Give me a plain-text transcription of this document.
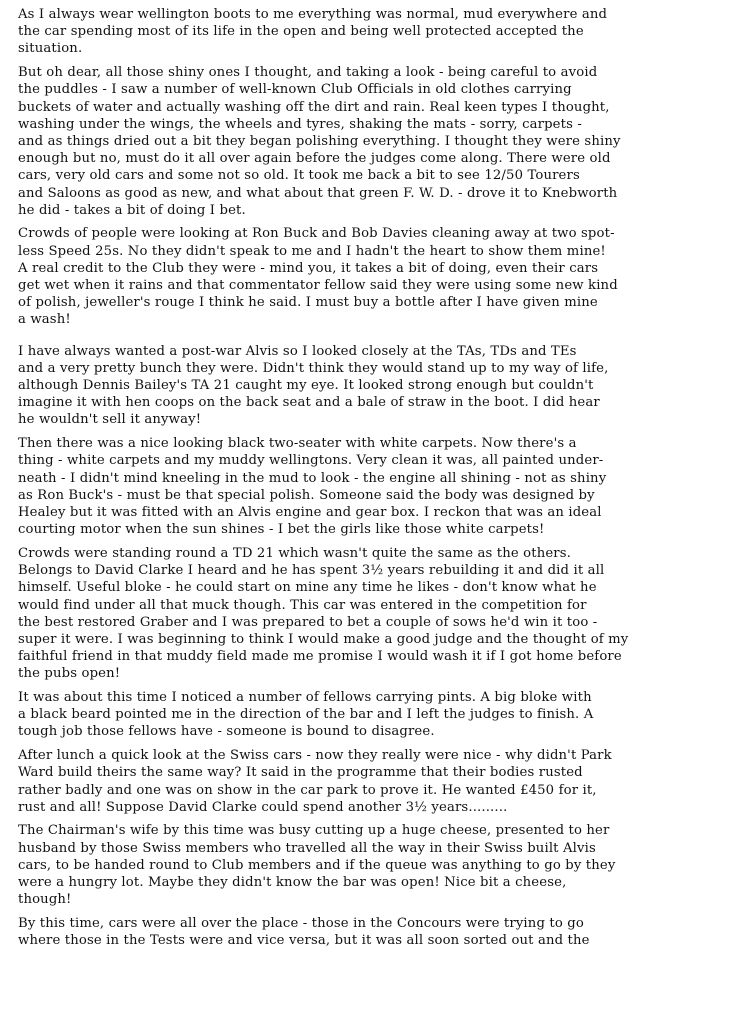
As I always wear wellington boots to me everything was normal, mud everywhere and
the car spending most of its life in the open and being well protected accepted the
situation.

But oh dear, all those shiny ones I thought, and taking a look - being careful to avoid
the puddles - I saw a number of well-known Club Officials in old clothes carrying
buckets of water and actually washing off the dirt and rain. Real keen types I thought,
washing under the wings, the wheels and tyres, shaking the mats - sorry, carpets -
and as things dried out a bit they began polishing everything. I thought they were shiny
enough but no, must do it all over again before the judges come along. There were old
cars, very old cars and some not so old. It took me back a bit to see 12/50 Tourers
and Saloons as good as new, and what about that green F. W. D. - drove it to Knebworth
he did - takes a bit of doing I bet.

Crowds of people were looking at Ron Buck and Bob Davies cleaning away at two spot-
less Speed 25s. No they didn't speak to me and I hadn't the heart to show them mine!
A real credit to the Club they were - mind you, it takes a bit of doing, even their cars
get wet when it rains and that commentator fellow said they were using some new kind
of polish, jeweller's rouge I think he said. I must buy a bottle after I have given mine
a wash!

I have always wanted a post-war Alvis so I looked closely at the TAs, TDs and TEs
and a very pretty bunch they were. Didn't think they would stand up to my way of life,
although Dennis Bailey's TA 21 caught my eye. It looked strong enough but couldn't
imagine it with hen coops on the back seat and a bale of straw in the boot. I did hear
he wouldn't sell it anyway!

Then there was a nice looking black two-seater with white carpets. Now there's a
thing - white carpets and my muddy wellingtons. Very clean it was, all painted under-
neath - I didn't mind kneeling in the mud to look - the engine all shining - not as shiny
as Ron Buck's - must be that special polish. Someone said the body was designed by
Healey but it was fitted with an Alvis engine and gear box. I reckon that was an ideal
courting motor when the sun shines - I bet the girls like those white carpets!

Crowds were standing round a TD 21 which wasn't quite the same as the others.
Belongs to David Clarke I heard and he has spent 3½ years rebuilding it and did it all
himself. Useful bloke - he could start on mine any time he likes - don't know what he
would find under all that muck though. This car was entered in the competition for
the best restored Graber and I was prepared to bet a couple of sows he'd win it too -
super it were. I was beginning to think I would make a good judge and the thought of my
faithful friend in that muddy field made me promise I would wash it if I got home before
the pubs open!

It was about this time I noticed a number of fellows carrying pints. A big bloke with
a black beard pointed me in the direction of the bar and I left the judges to finish. A
tough job those fellows have - someone is bound to disagree.

After lunch a quick look at the Swiss cars - now they really were nice - why didn't Park
Ward build theirs the same way? It said in the programme that their bodies rusted
rather badly and one was on show in the car park to prove it. He wanted £450 for it,
rust and all! Suppose David Clarke could spend another 3½ years.........

The Chairman's wife by this time was busy cutting up a huge cheese, presented to her
husband by those Swiss members who travelled all the way in their Swiss built Alvis
cars, to be handed round to Club members and if the queue was anything to go by they
were a hungry lot. Maybe they didn't know the bar was open! Nice bit a cheese,
though!

By this time, cars were all over the place - those in the Concours were trying to go
where those in the Tests were and vice versa, but it was all soon sorted out and the
